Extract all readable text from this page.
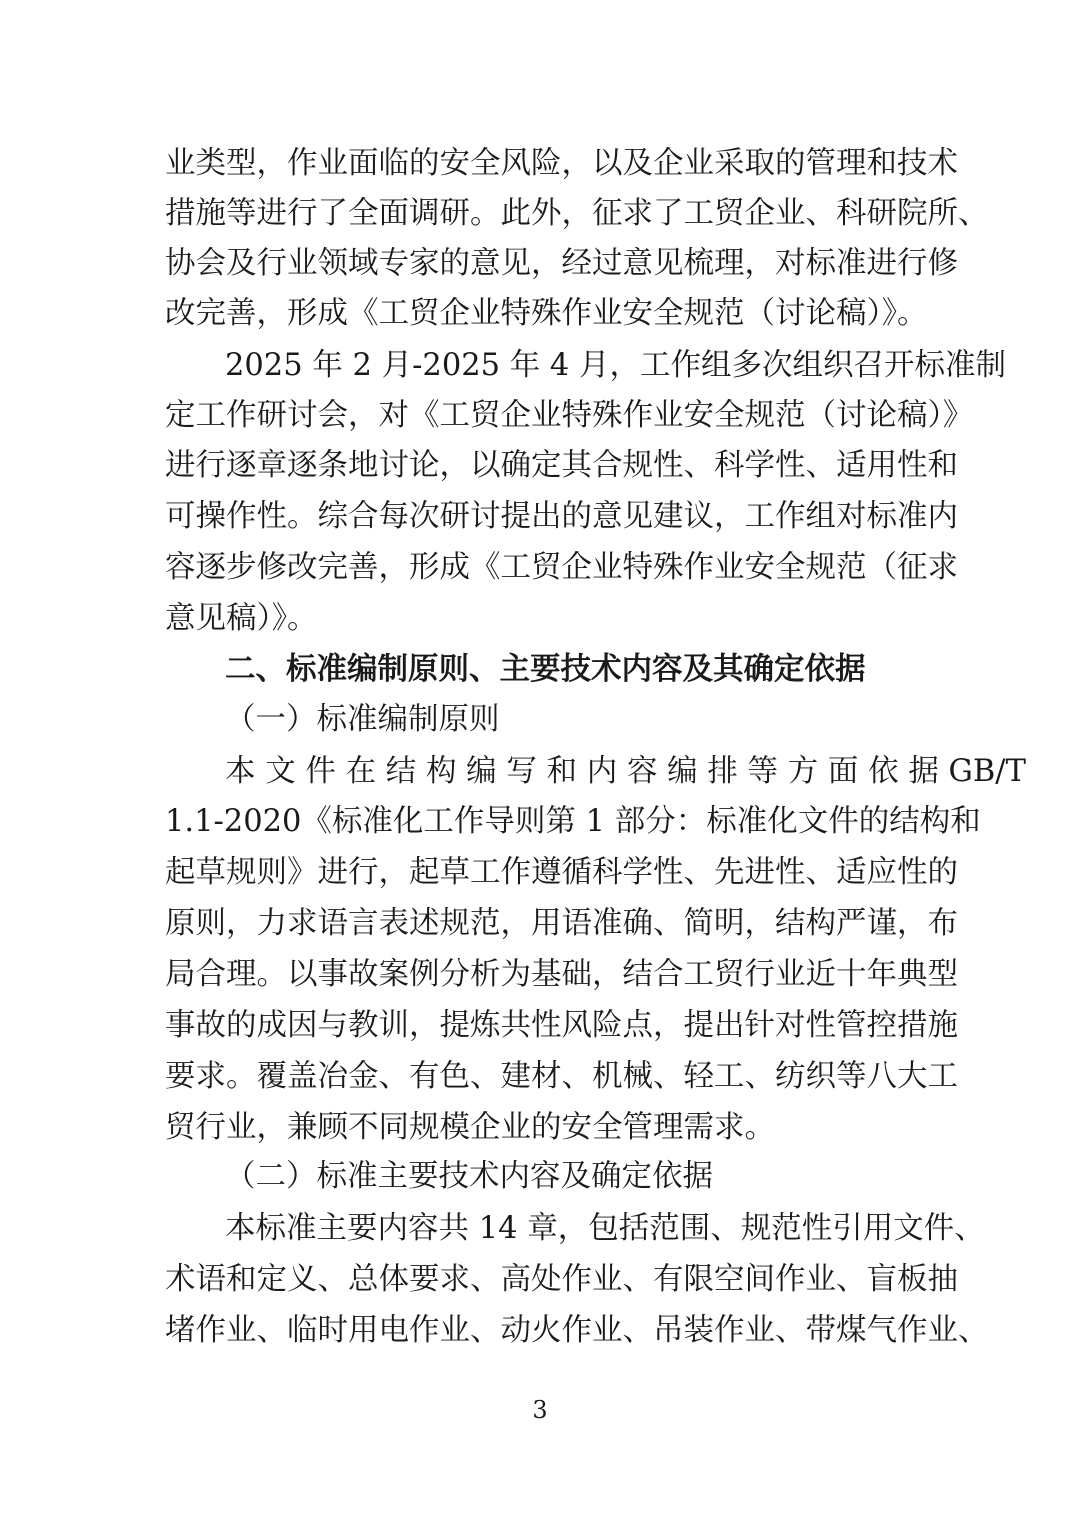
业类型，作业面临的安全风险，以及企业采取的管理和技术
措施等进行了全面调研。此外，征求了工贸企业、科研院所、
协会及行业领域专家的意见，经过意见梳理，对标准进行修
改完善，形成《工贸企业特殊作业安全规范（讨论稿）》。
2025 年 2 月-2025 年 4 月，工作组多次组织召开标准制
定工作研讨会，对《工贸企业特殊作业安全规范（讨论稿）》
进行逐章逐条地讨论，以确定其合规性、科学性、适用性和
可操作性。综合每次研讨提出的意见建议，工作组对标准内
容逐步修改完善，形成《工贸企业特殊作业安全规范（征求
意见稿）》。
二、标准编制原则、主要技术内容及其确定依据
（一）标准编制原则
本 文 件 在 结 构 编 写 和 内 容 编 排 等 方 面 依 据 GB/T
1.1-2020《标准化工作导则第 1 部分：标准化文件的结构和
起草规则》进行，起草工作遵循科学性、先进性、适应性的
原则，力求语言表述规范，用语准确、简明，结构严谨，布
局合理。以事故案例分析为基础，结合工贸行业近十年典型
事故的成因与教训，提炼共性风险点，提出针对性管控措施
要求。覆盖冶金、有色、建材、机械、轻工、纺织等八大工
贸行业，兼顾不同规模企业的安全管理需求。
（二）标准主要技术内容及确定依据
本标准主要内容共 14 章，包括范围、规范性引用文件、
术语和定义、总体要求、高处作业、有限空间作业、盲板抽
堵作业、临时用电作业、动火作业、吊装作业、带煤气作业、
3
